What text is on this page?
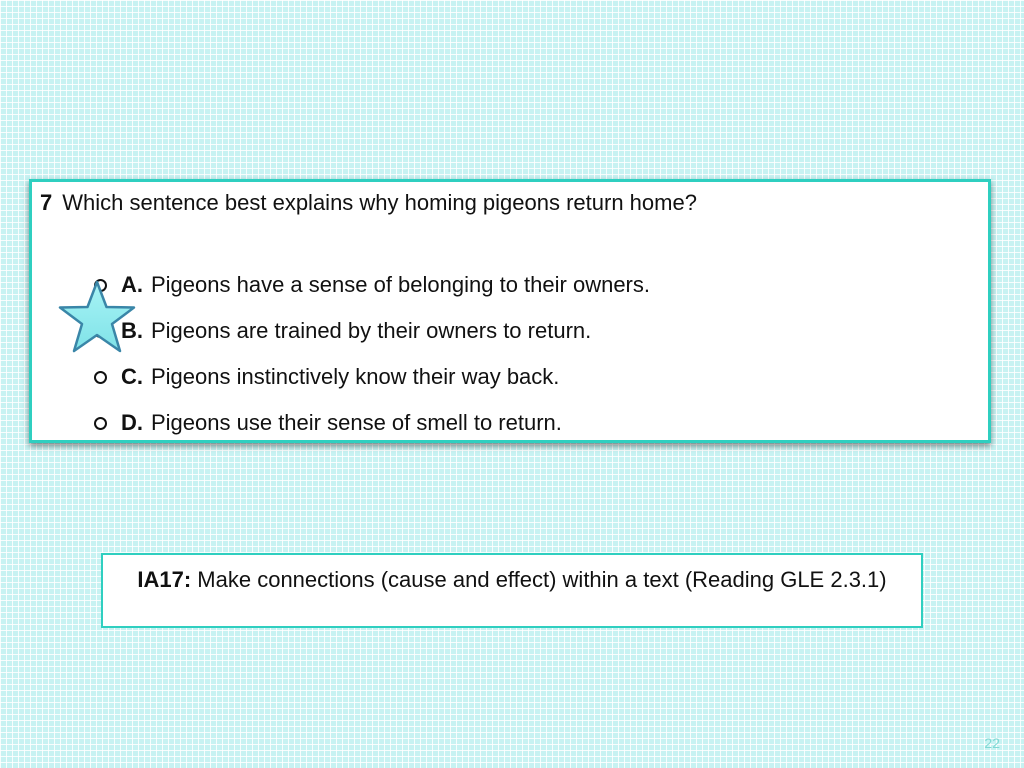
7 Which sentence best explains why homing pigeons return home?
A. Pigeons have a sense of belonging to their owners.
B. Pigeons are trained by their owners to return.
C. Pigeons instinctively know their way back.
D. Pigeons use their sense of smell to return.
IA17: Make connections (cause and effect) within a text (Reading GLE 2.3.1)
22
